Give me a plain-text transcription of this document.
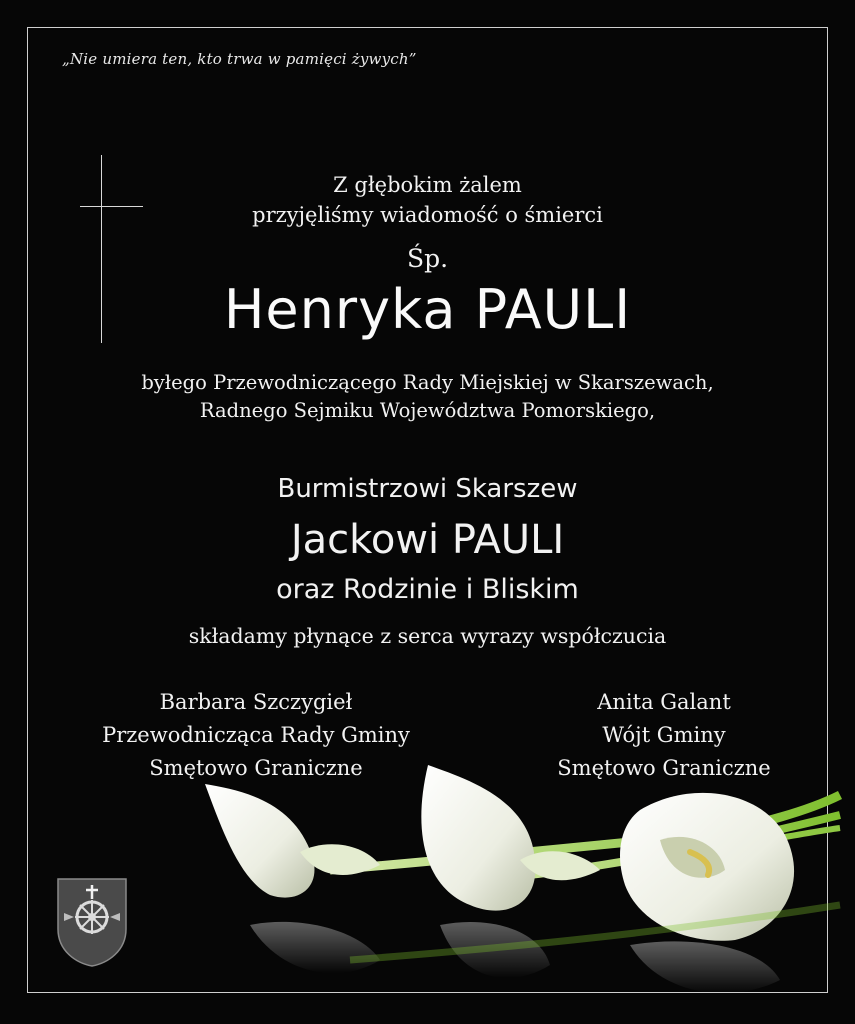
„Nie umiera ten, kto trwa w pamięci żywych”
Z głębokim żalem
przyjęliśmy wiadomość o śmierci
Śp.
Henryka PAULI
byłego Przewodniczącego Rady Miejskiej w Skarszewach,
Radnego Sejmiku Województwa Pomorskiego,
Burmistrzowi Skarszew
Jackowi PAULI
oraz Rodzinie i Bliskim
składamy płynące z serca wyrazy współczucia
Barbara Szczygieł
Przewodnicząca Rady Gminy
Smętowo Graniczne
Anita Galant
Wójt Gminy
Smętowo Graniczne
